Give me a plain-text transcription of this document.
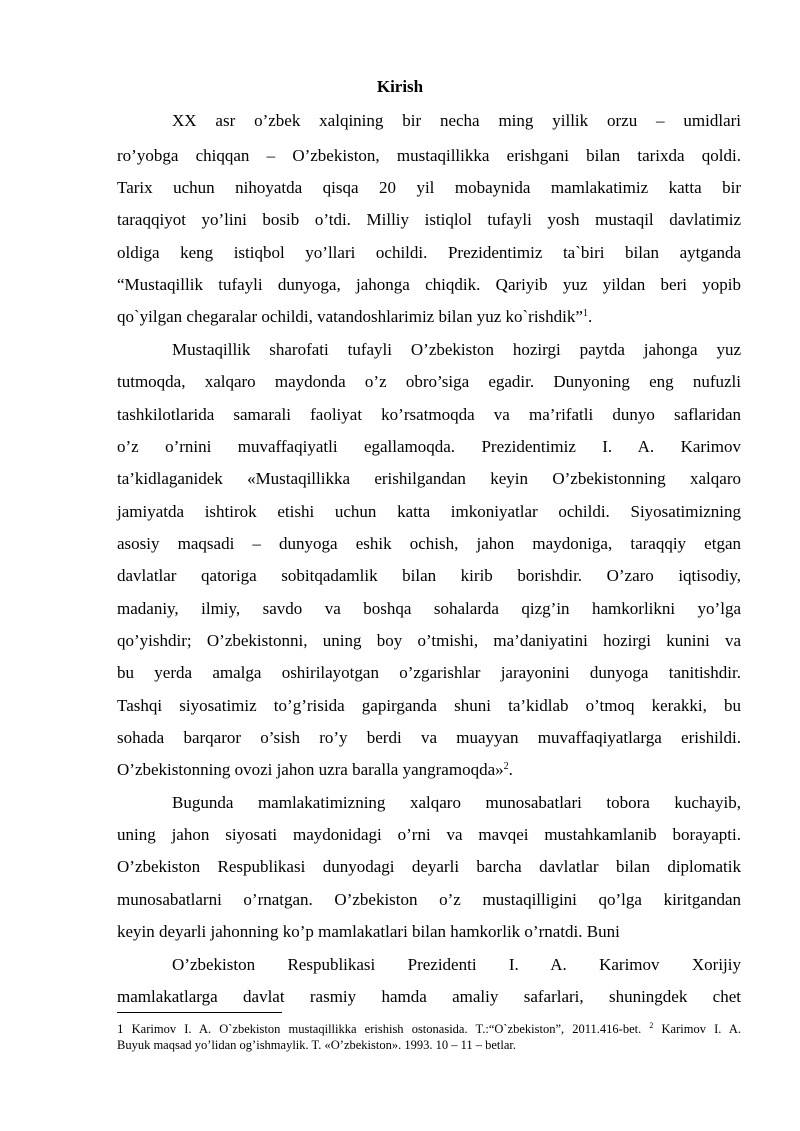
Kirish
XX asr o’zbek xalqining bir necha ming yillik orzu – umidlari
ro’yobga chiqqan – O’zbekiston, mustaqillikka erishgani bilan tarixda qoldi.
Tarix uchun nihoyatda qisqa 20 yil mobaynida mamlakatimiz katta bir
taraqqiyot yo’lini bosib o’tdi. Milliy istiqlol tufayli yosh mustaqil davlatimiz
oldiga keng istiqbol yo’llari ochildi. Prezidentimiz ta`biri bilan aytganda
“Mustaqillik tufayli dunyoga, jahonga chiqdik. Qariyib yuz yildan beri yopib
qo`yilgan chegaralar ochildi, vatandoshlarimiz bilan yuz ko`rishdik”$^1$.
Mustaqillik sharofati tufayli O’zbekiston hozirgi paytda jahonga yuz
tutmoqda, xalqaro maydonda o’z obro’siga egadir. Dunyoning eng nufuzli
tashkilotlarida samarali faoliyat ko’rsatmoqda va ma’rifatli dunyo saflaridan
o’z o’rnini muvaffaqiyatli egallamoqda. Prezidentimiz I. A. Karimov
ta’kidlaganidek «Mustaqillikka erishilgandan keyin O’zbekistonning xalqaro
jamiyatda ishtirok etishi uchun katta imkoniyatlar ochildi. Siyosatimizning
asosiy maqsadi – dunyoga eshik ochish, jahon maydoniga, taraqqiy etgan
davlatlar qatoriga sobitqadamlik bilan kirib borishdir. O’zaro iqtisodiy,
madaniy, ilmiy, savdo va boshqa sohalarda qizg’in hamkorlikni yo’lga
qo’yishdir; O’zbekistonni, uning boy o’tmishi, ma’daniyatini hozirgi kunini va
bu yerda amalga oshirilayotgan o’zgarishlar jarayonini dunyoga tanitishdir.
Tashqi siyosatimiz to’g’risida gapirganda shuni ta’kidlab o’tmoq kerakki, bu
sohada barqaror o’sish ro’y berdi va muayyan muvaffaqiyatlarga erishildi.
O’zbekistonning ovozi jahon uzra baralla yangramoqda»$^2$.
Bugunda mamlakatimizning xalqaro munosabatlari tobora kuchayib,
uning jahon siyosati maydonidagi o’rni va mavqei mustahkamlanib borayapti.
O’zbekiston Respublikasi dunyodagi deyarli barcha davlatlar bilan diplomatik
munosabatlarni o’rnatgan. O’zbekiston o’z mustaqilligini qo’lga kiritgandan
keyin deyarli jahonning ko’p mamlakatlari bilan hamkorlik o’rnatdi. Buni
O’zbekiston Respublikasi Prezidenti I. A. Karimov Xorijiy
mamlakatlarga davlat rasmiy hamda amaliy safarlari, shuningdek chet
1 Karimov I. A. O`zbekiston mustaqillikka erishish ostonasida. T.:“O`zbekiston”, 2011.416-bet. $^2$ Karimov I. A.
Buyuk maqsad yo’lidan og’ishmaylik. T. «O’zbekiston». 1993. 10 – 11 – betlar.
